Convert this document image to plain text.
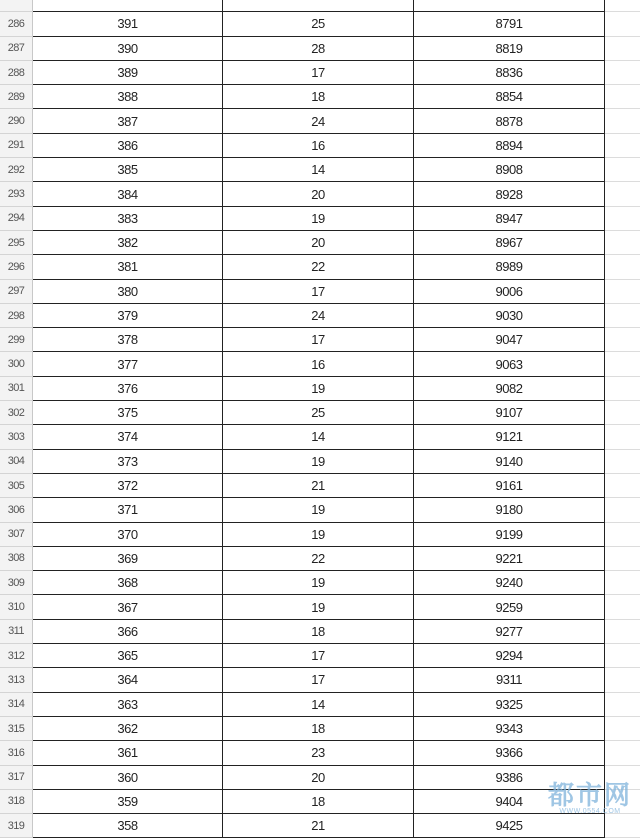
286	391	25	8791
287	390	28	8819
288	389	17	8836
289	388	18	8854
290	387	24	8878
291	386	16	8894
292	385	14	8908
293	384	20	8928
294	383	19	8947
295	382	20	8967
296	381	22	8989
297	380	17	9006
298	379	24	9030
299	378	17	9047
300	377	16	9063
301	376	19	9082
302	375	25	9107
303	374	14	9121
304	373	19	9140
305	372	21	9161
306	371	19	9180
307	370	19	9199
308	369	22	9221
309	368	19	9240
310	367	19	9259
311	366	18	9277
312	365	17	9294
313	364	17	9311
314	363	14	9325
315	362	18	9343
316	361	23	9366
317	360	20	9386
318	359	18	9404
319	358	21	9425
都市网
WWW.0554.COM
